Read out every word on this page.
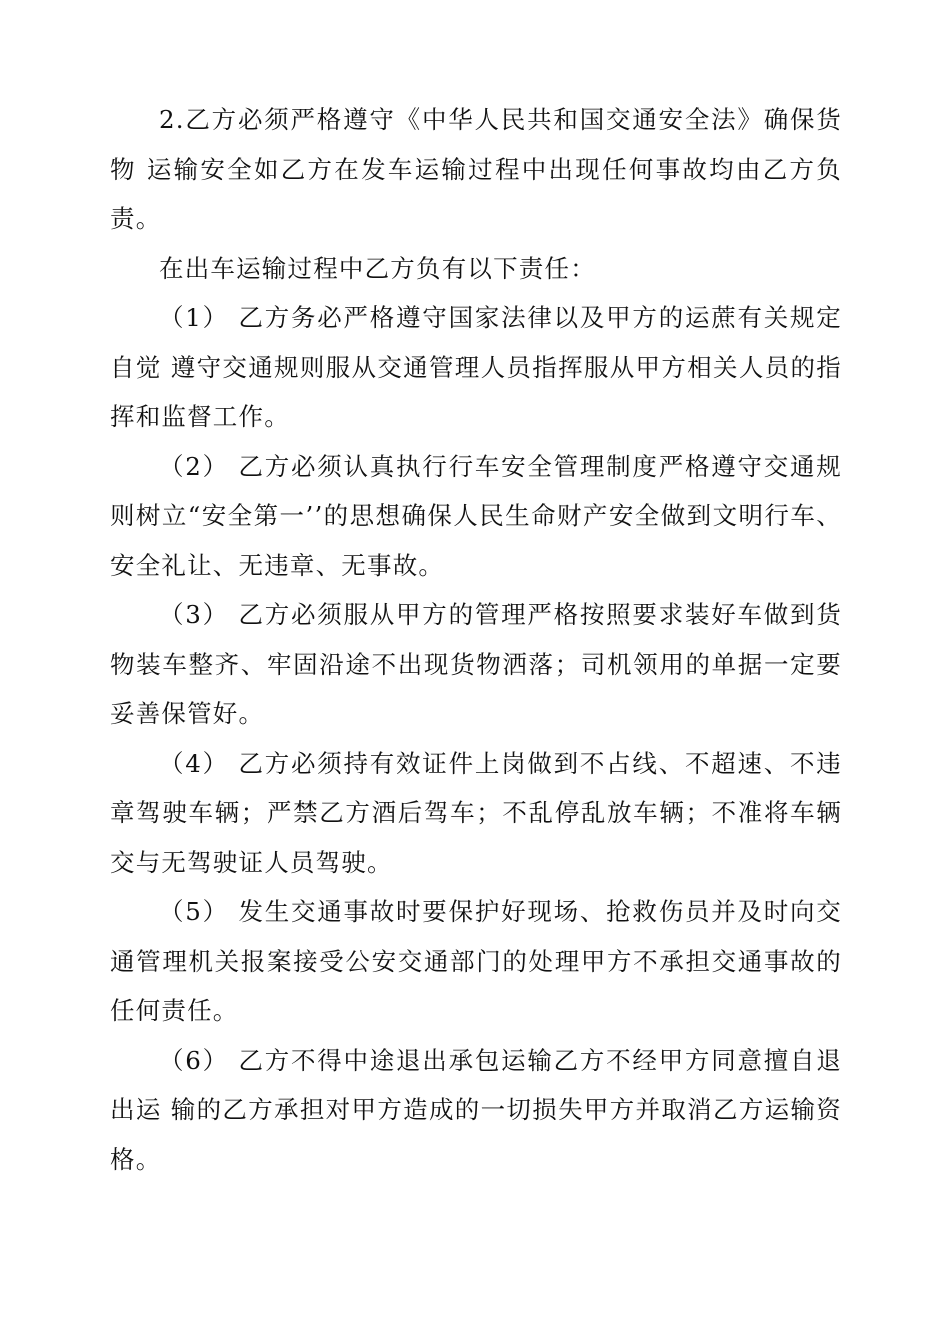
2.乙方必须严格遵守《中华人民共和国交通安全法》确保货物 运输安全如乙方在发车运输过程中出现任何事故均由乙方负责。

在出车运输过程中乙方负有以下责任：

（1） 乙方务必严格遵守国家法律以及甲方的运蔗有关规定自觉 遵守交通规则服从交通管理人员指挥服从甲方相关人员的指挥和监督工作。

（2） 乙方必须认真执行行车安全管理制度严格遵守交通规则树立“安全第一’’的思想确保人民生命财产安全做到文明行车、安全礼让、无违章、无事故。

（3） 乙方必须服从甲方的管理严格按照要求装好车做到货物装车整齐、牢固沿途不出现货物洒落；司机领用的单据一定要妥善保管好。

（4） 乙方必须持有效证件上岗做到不占线、不超速、不违章驾驶车辆；严禁乙方酒后驾车；不乱停乱放车辆；不准将车辆交与无驾驶证人员驾驶。

（5） 发生交通事故时要保护好现场、抢救伤员并及时向交通管理机关报案接受公安交通部门的处理甲方不承担交通事故的任何责任。

（6） 乙方不得中途退出承包运输乙方不经甲方同意擅自退出运 输的乙方承担对甲方造成的一切损失甲方并取消乙方运输资格。
